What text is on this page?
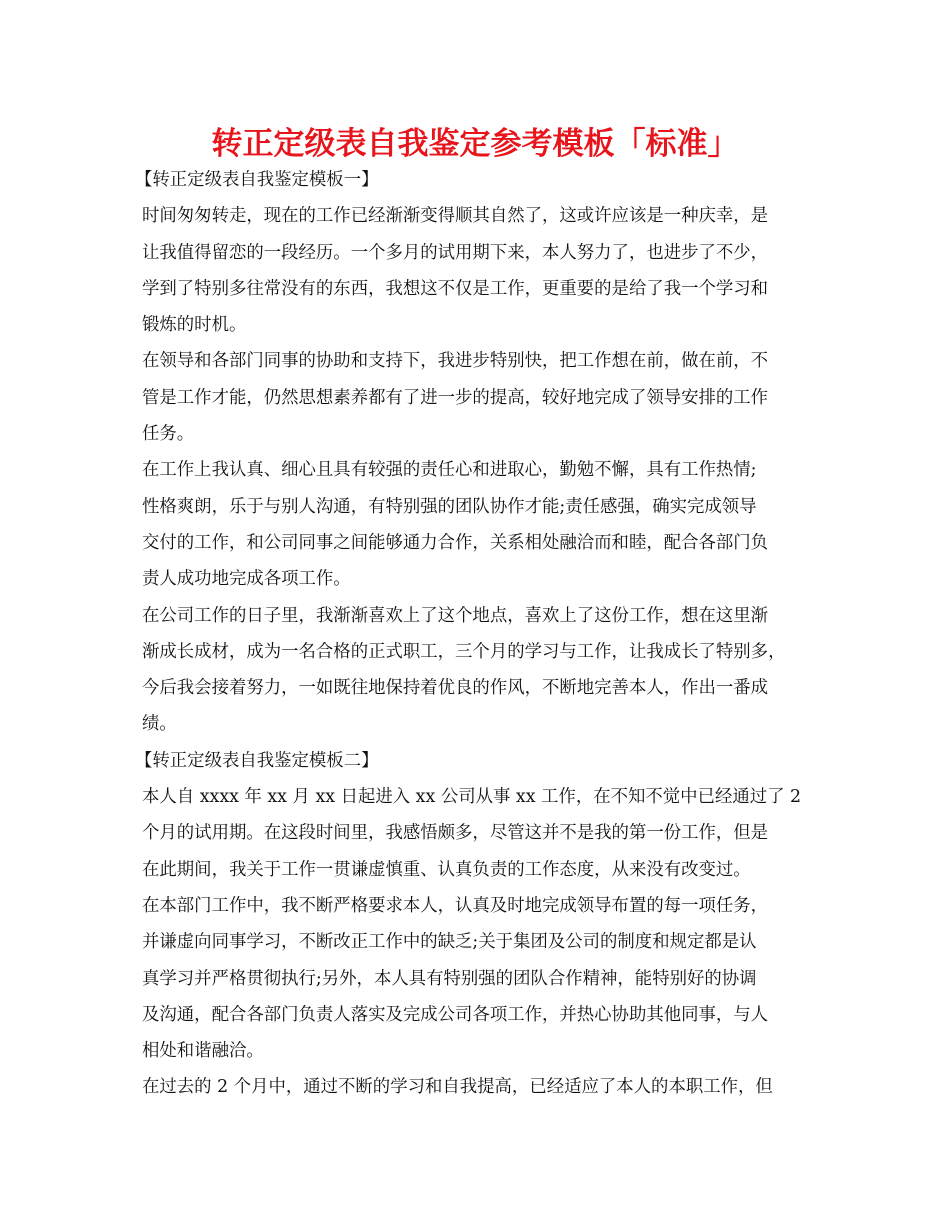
转正定级表自我鉴定参考模板「标准」
【转正定级表自我鉴定模板一】
时间匆匆转走，现在的工作已经渐渐变得顺其自然了，这或许应该是一种庆幸，是
让我值得留恋的一段经历。一个多月的试用期下来，本人努力了，也进步了不少，
学到了特别多往常没有的东西，我想这不仅是工作，更重要的是给了我一个学习和
锻炼的时机。
在领导和各部门同事的协助和支持下，我进步特别快，把工作想在前，做在前，不
管是工作才能，仍然思想素养都有了进一步的提高，较好地完成了领导安排的工作
任务。
在工作上我认真、细心且具有较强的责任心和进取心，勤勉不懈，具有工作热情;
性格爽朗，乐于与别人沟通，有特别强的团队协作才能;责任感强，确实完成领导
交付的工作，和公司同事之间能够通力合作，关系相处融洽而和睦，配合各部门负
责人成功地完成各项工作。
在公司工作的日子里，我渐渐喜欢上了这个地点，喜欢上了这份工作，想在这里渐
渐成长成材，成为一名合格的正式职工，三个月的学习与工作，让我成长了特别多，
今后我会接着努力，一如既往地保持着优良的作风，不断地完善本人，作出一番成
绩。
【转正定级表自我鉴定模板二】
本人自 xxxx 年 xx 月 xx 日起进入 xx 公司从事 xx 工作，在不知不觉中已经通过了 2
个月的试用期。在这段时间里，我感悟颇多，尽管这并不是我的第一份工作，但是
在此期间，我关于工作一贯谦虚慎重、认真负责的工作态度，从来没有改变过。
在本部门工作中，我不断严格要求本人，认真及时地完成领导布置的每一项任务，
并谦虚向同事学习，不断改正工作中的缺乏;关于集团及公司的制度和规定都是认
真学习并严格贯彻执行;另外，本人具有特别强的团队合作精神，能特别好的协调
及沟通，配合各部门负责人落实及完成公司各项工作，并热心协助其他同事，与人
相处和谐融洽。
在过去的 2 个月中，通过不断的学习和自我提高，已经适应了本人的本职工作，但
